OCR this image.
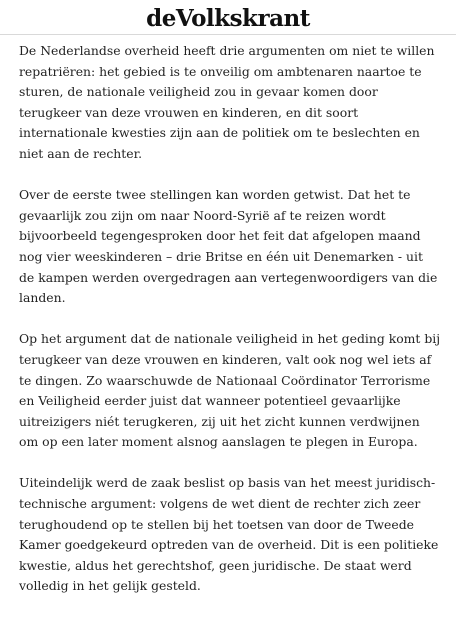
deVolkskrant

De Nederlandse overheid heeft drie argumenten om niet te willen repatriëren: het gebied is te onveilig om ambtenaren naartoe te sturen, de nationale veiligheid zou in gevaar komen door terugkeer van deze vrouwen en kinderen, en dit soort internationale kwesties zijn aan de politiek om te beslechten en niet aan de rechter.

Over de eerste twee stellingen kan worden getwist. Dat het te gevaarlijk zou zijn om naar Noord-Syrië af te reizen wordt bijvoorbeeld tegengesproken door het feit dat afgelopen maand nog vier weeskinderen – drie Britse en één uit Denemarken - uit de kampen werden overgedragen aan vertegenwoordigers van die landen.

Op het argument dat de nationale veiligheid in het geding komt bij terugkeer van deze vrouwen en kinderen, valt ook nog wel iets af te dingen. Zo waarschuwde de Nationaal Coördinator Terrorisme en Veiligheid eerder juist dat wanneer potentieel gevaarlijke uitreizigers niét terugkeren, zij uit het zicht kunnen verdwijnen om op een later moment alsnog aanslagen te plegen in Europa.

Uiteindelijk werd de zaak beslist op basis van het meest juridisch-technische argument: volgens de wet dient de rechter zich zeer terughoudend op te stellen bij het toetsen van door de Tweede Kamer goedgekeurd optreden van de overheid. Dit is een politieke kwestie, aldus het gerechtshof, geen juridische. De staat werd volledig in het gelijk gesteld.
